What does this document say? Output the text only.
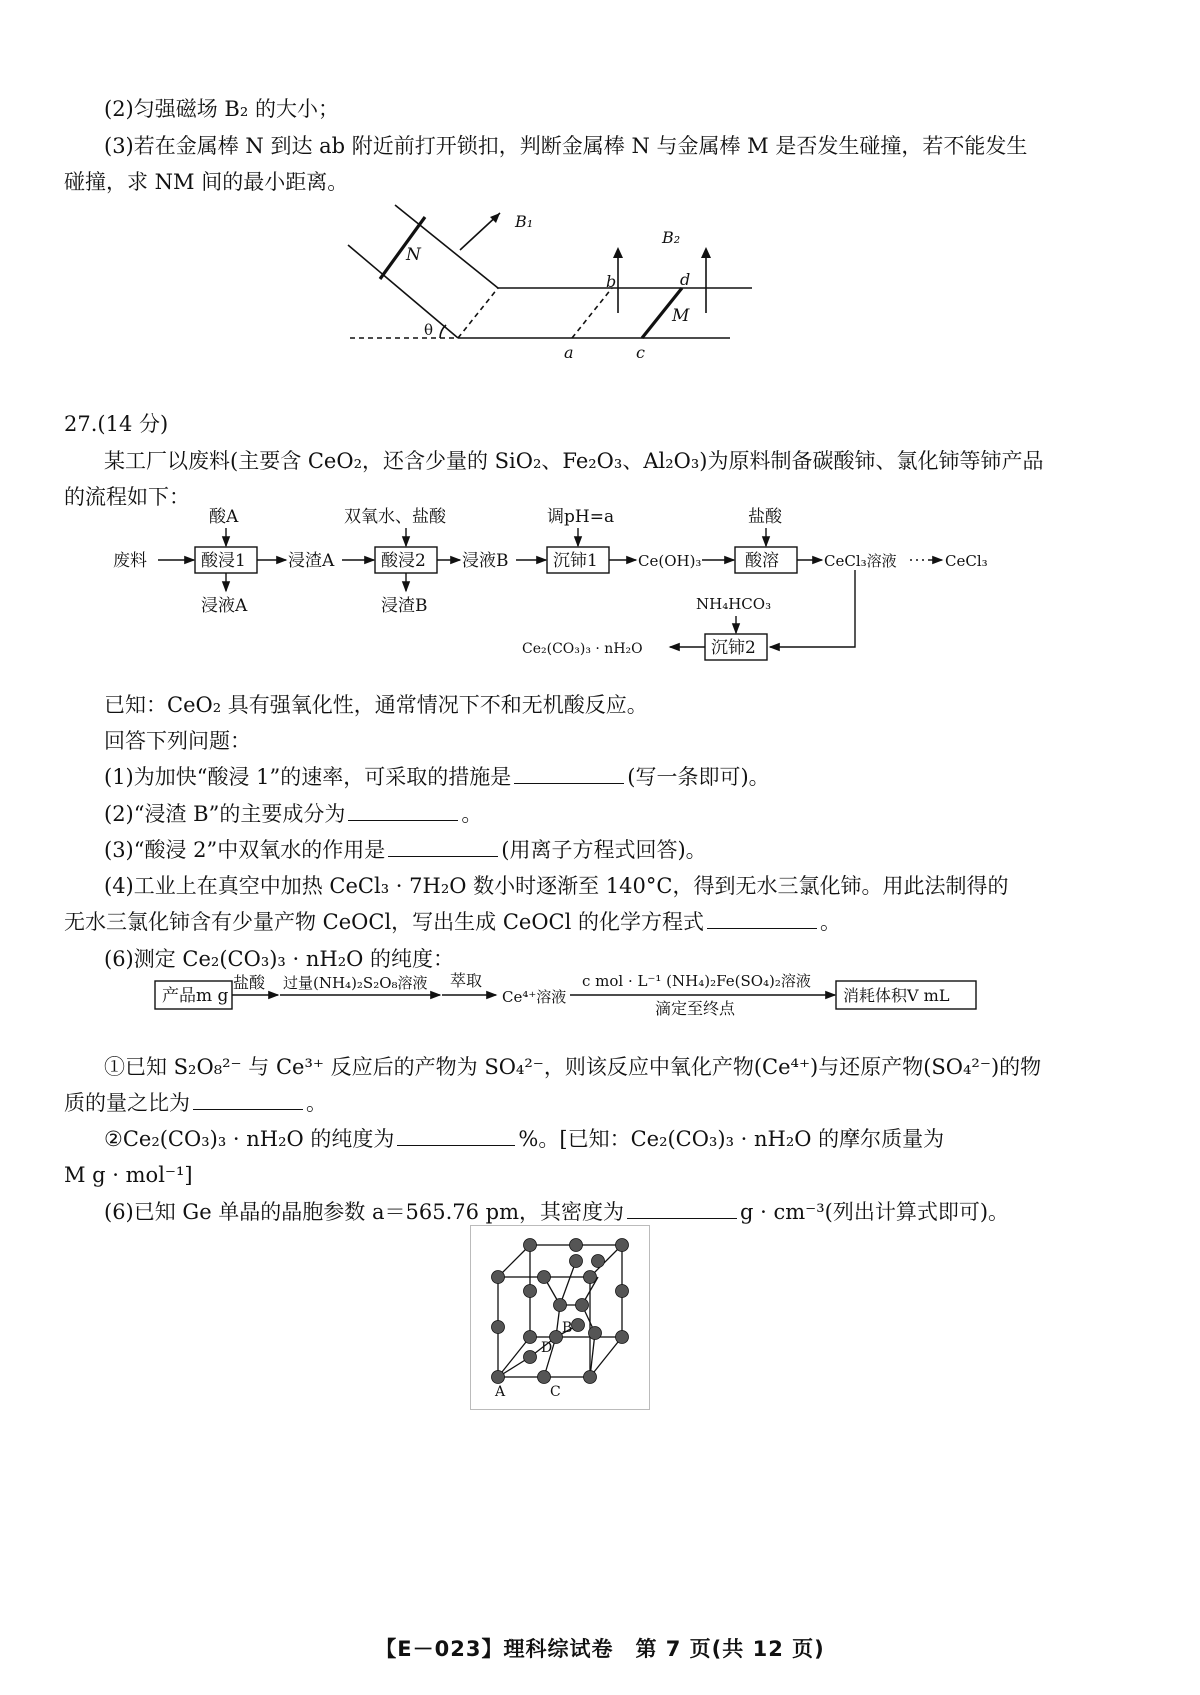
(2)匀强磁场 B₂ 的大小；
(3)若在金属棒 N 到达 ab 附近前打开锁扣，判断金属棒 N 与金属棒 M 是否发生碰撞，若不能发生
碰撞，求 NM 间的最小距离。
B₁
B₂
N
M
a
b
c
d
θ
27.(14 分)
某工厂以废料(主要含 CeO₂，还含少量的 SiO₂、Fe₂O₃、Al₂O₃)为原料制备碳酸铈、氯化铈等铈产品
的流程如下：
废料
酸A
酸浸1
浸液A
浸渣A
双氧水、盐酸
酸浸2
浸渣B
浸液B
调pH=a
沉铈1	Ce(OH)₃
盐酸
酸溶	CeCl₃溶液	CeCl₃
NH₄HCO₃
沉铈2
Ce₂(CO₃)₃ · nH₂O
已知：CeO₂ 具有强氧化性，通常情况下不和无机酸反应。
回答下列问题：
(1)为加快“酸浸 1”的速率，可采取的措施是	(写一条即可)。
(2)“浸渣 B”的主要成分为	。
(3)“酸浸 2”中双氧水的作用是	(用离子方程式回答)。
(4)工业上在真空中加热 CeCl₃ · 7H₂O 数小时逐渐至 140°C，得到无水三氯化铈。用此法制得的
无水三氯化铈含有少量产物 CeOCl，写出生成 CeOCl 的化学方程式	。
(6)测定 Ce₂(CO₃)₃ · nH₂O 的纯度：
产品m g
盐酸 过量(NH₄)₂S₂O₈溶液 萃取
Ce⁴⁺溶液
c mol · L⁻¹ (NH₄)₂Fe(SO₄)₂溶液
滴定至终点
消耗体积V mL
①已知 S₂O₈²⁻ 与 Ce³⁺ 反应后的产物为 SO₄²⁻，则该反应中氧化产物(Ce⁴⁺)与还原产物(SO₄²⁻)的物
质的量之比为	。
②Ce₂(CO₃)₃ · nH₂O 的纯度为	%。[已知：Ce₂(CO₃)₃ · nH₂O 的摩尔质量为
M g · mol⁻¹]
(6)已知 Ge 单晶的晶胞参数 a＝565.76 pm，其密度为	g · cm⁻³(列出计算式即可)。
A
B
C
D
【E－023】理科综试卷　第 7 页(共 12 页)
